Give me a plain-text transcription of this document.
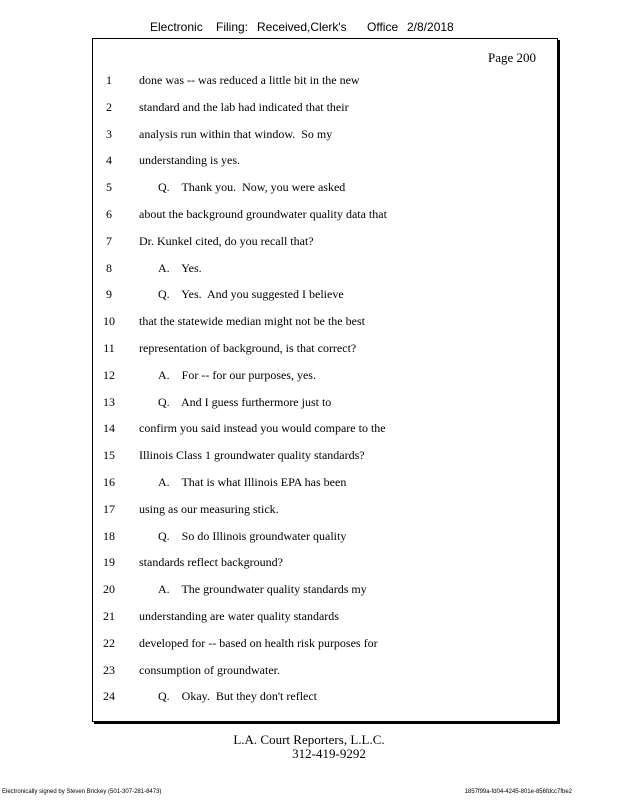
Electronic Filing: Received,Clerk's Office 2/8/2018
Page 200
1	done was -- was reduced a little bit in the new
2	standard and the lab had indicated that their
3	analysis run within that window.  So my
4	understanding is yes.
5	Q.    Thank you.  Now, you were asked
6	about the background groundwater quality data that
7	Dr. Kunkel cited, do you recall that?
8	A.    Yes.
9	Q.    Yes.  And you suggested I believe
10	that the statewide median might not be the best
11	representation of background, is that correct?
12	A.    For -- for our purposes, yes.
13	Q.    And I guess furthermore just to
14	confirm you said instead you would compare to the
15	Illinois Class 1 groundwater quality standards?
16	A.    That is what Illinois EPA has been
17	using as our measuring stick.
18	Q.    So do Illinois groundwater quality
19	standards reflect background?
20	A.    The groundwater quality standards my
21	understanding are water quality standards
22	developed for -- based on health risk purposes for
23	consumption of groundwater.
24	Q.    Okay.  But they don't reflect
L.A. Court Reporters, L.L.C.
312-419-9292
Electronically signed by Steven Brickey (501-307-281-8473)	1857f99a-fd04-4245-801e-856fdcc7fbe2
